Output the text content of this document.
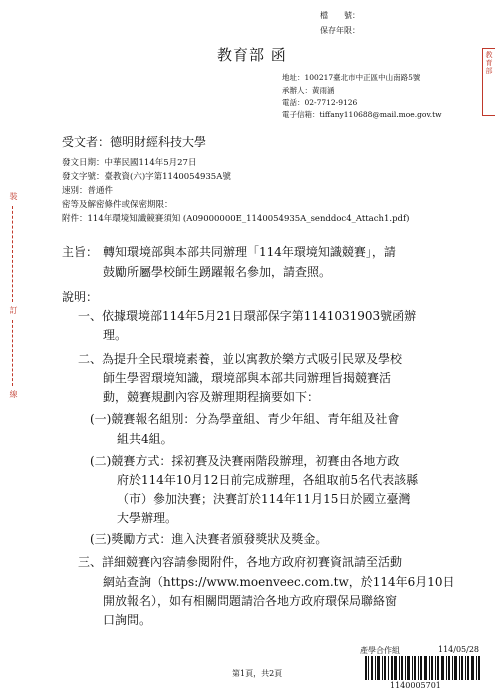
檔　　號：
保存年限：
教育部 函
地址：100217臺北市中正區中山南路5號
承辦人：黃雨涵
電話：02-7712-9126
電子信箱：tiffany110688@mail.moe.gov.tw
教育部
裝
訂
線
受文者：德明財經科技大學
發文日期：中華民國114年5月27日
發文字號：臺教資(六)字第1140054935A號
速別：普通件
密等及解密條件或保密期限：
附件：114年環境知識競賽須知 (A09000000E_1140054935A_senddoc4_Attach1.pdf)
主旨： 轉知環境部與本部共同辦理「114年環境知識競賽」，請
鼓勵所屬學校師生踴躍報名參加，請查照。
說明：
一、依據環境部114年5月21日環部保字第1141031903號函辦
理。
二、為提升全民環境素養，並以寓教於樂方式吸引民眾及學校
師生學習環境知識，環境部與本部共同辦理旨揭競賽活
動，競賽規劃內容及辦理期程摘要如下：
(一)競賽報名組別：分為學童組、青少年組、青年組及社會
組共4組。
(二)競賽方式：採初賽及決賽兩階段辦理，初賽由各地方政
府於114年10月12日前完成辦理，各組取前5名代表該縣
（市）參加決賽；決賽訂於114年11月15日於國立臺灣
大學辦理。
(三)獎勵方式：進入決賽者頒發獎狀及獎金。
三、詳細競賽內容請參閱附件，各地方政府初賽資訊請至活動
網站查詢（https://www.moenveec.com.tw，於114年6月10日
開放報名），如有相關問題請洽各地方政府環保局聯絡窗
口詢問。
第1頁，共2頁
產學合作組	114/05/28
1140005701
